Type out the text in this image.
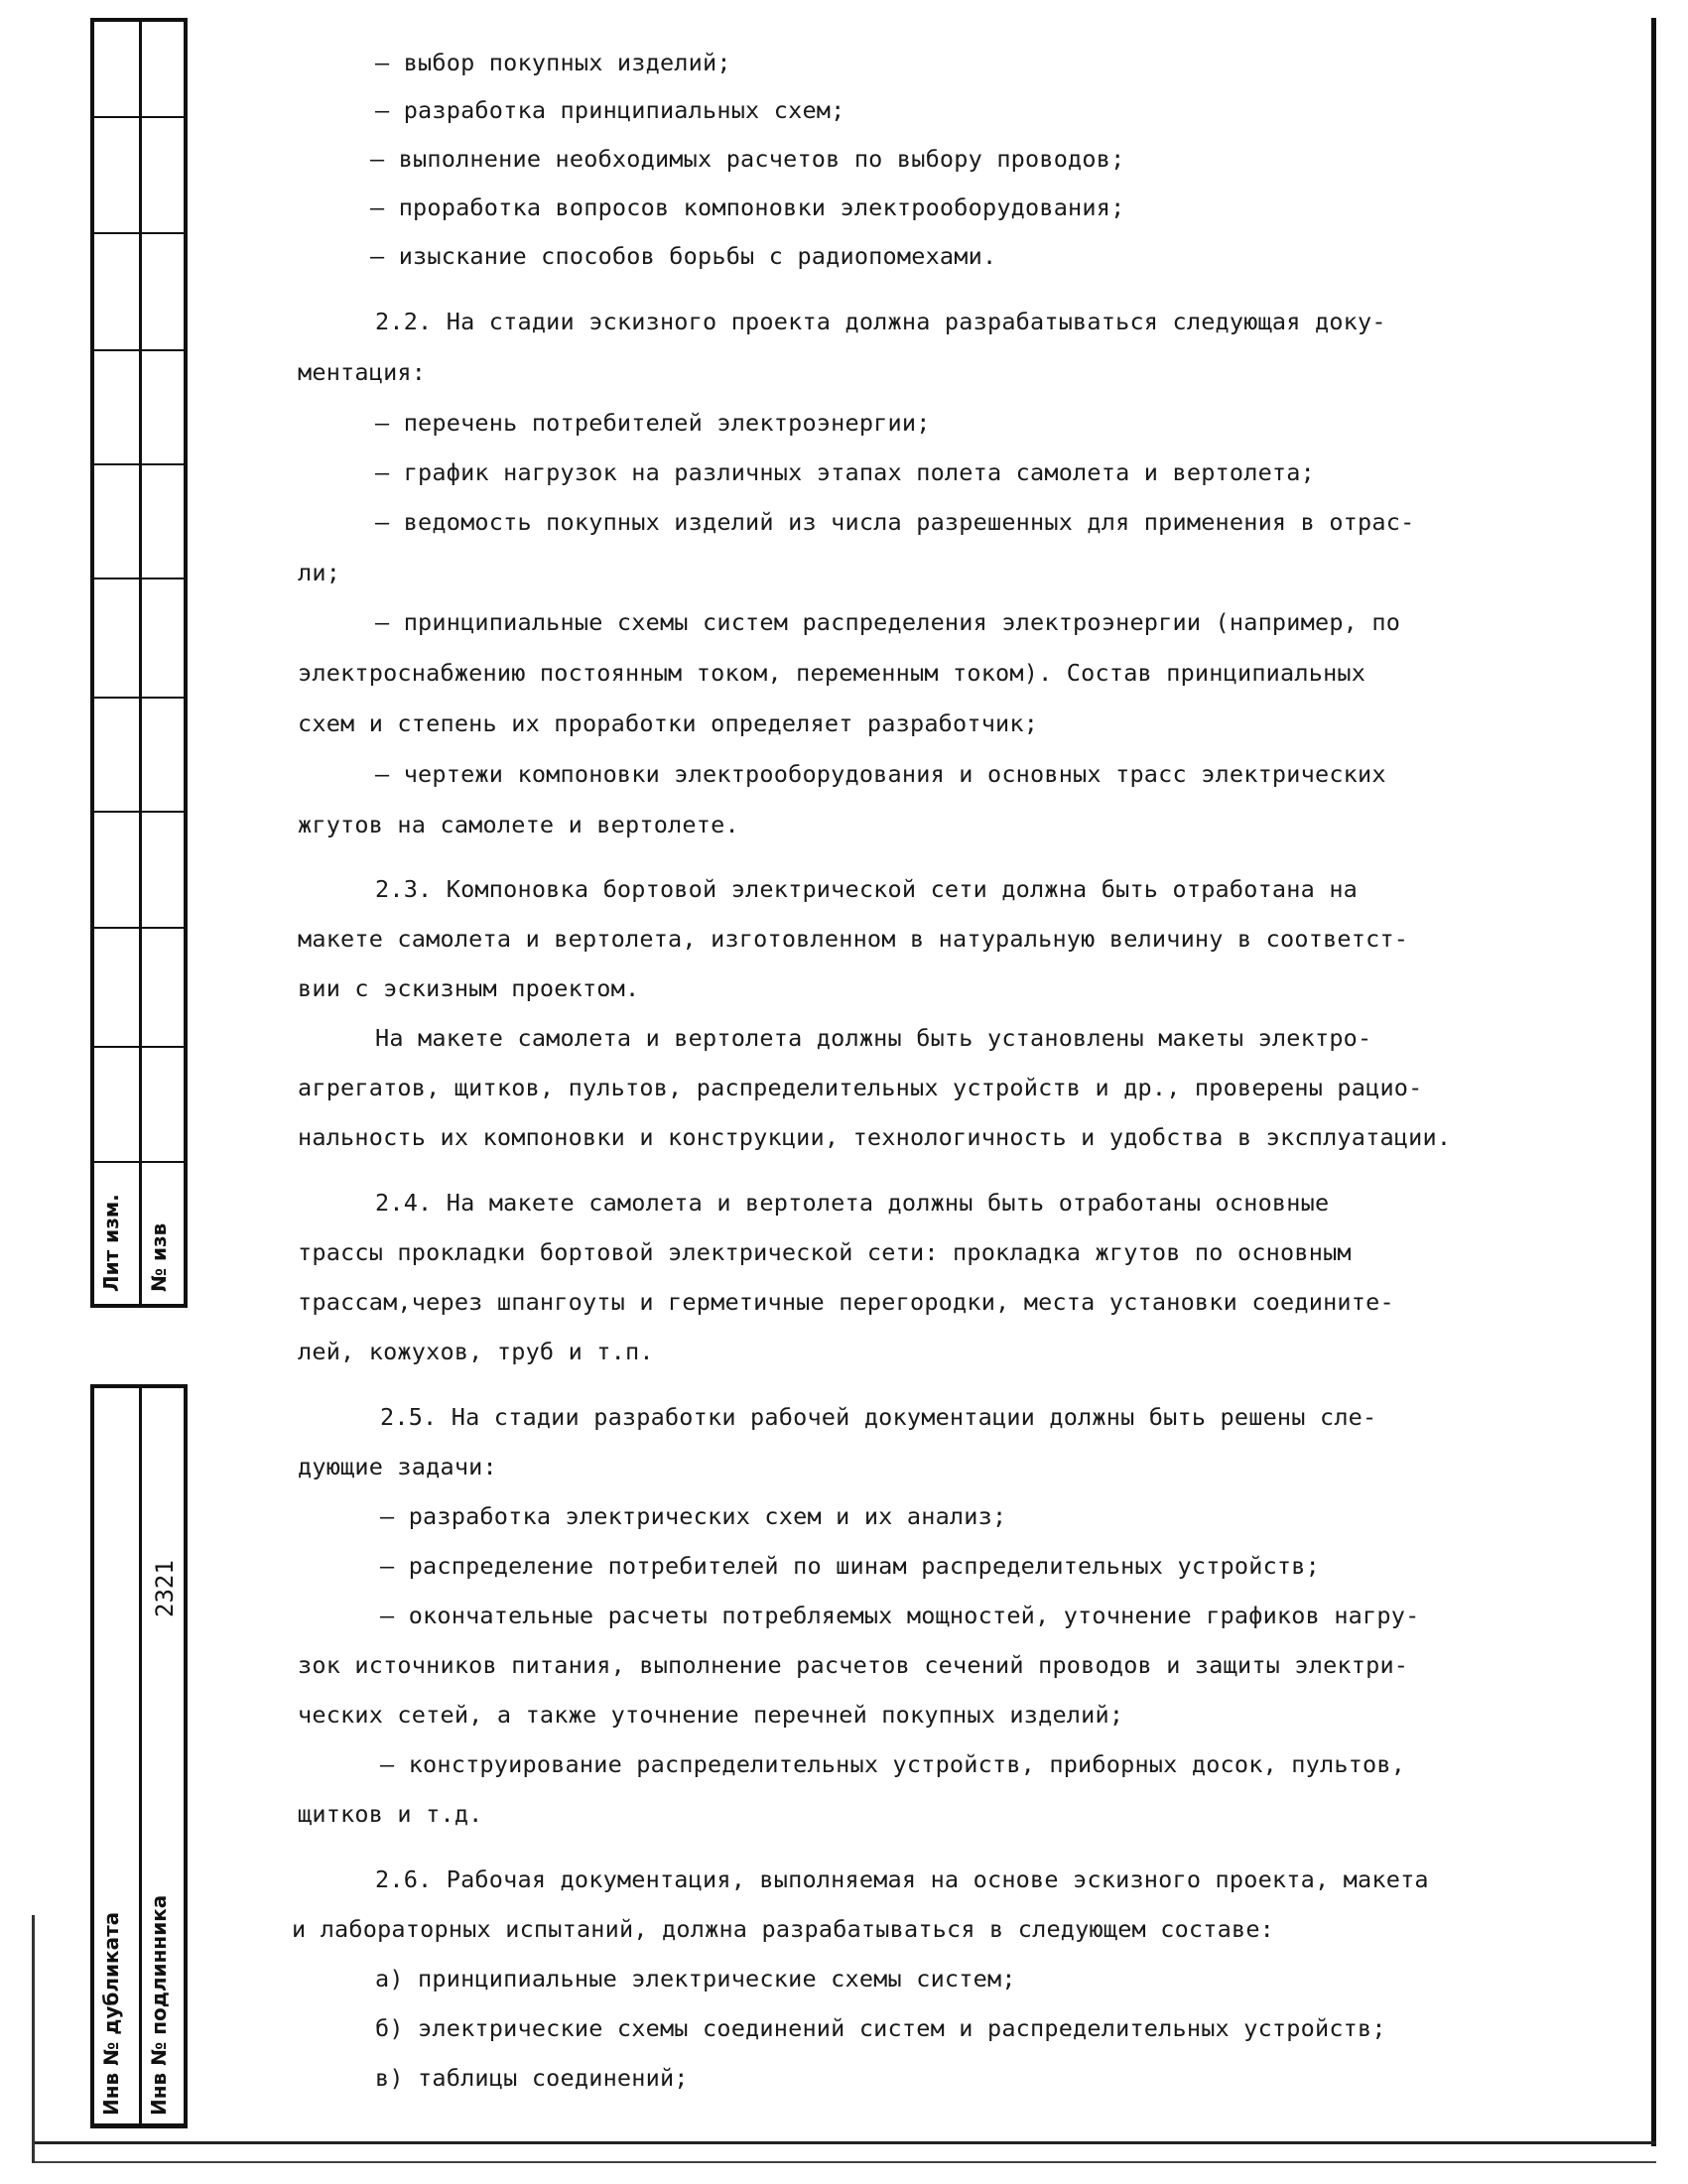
Лит изм. № изв
Инв № дубликата Инв № подлинника
2321
– выбор покупных изделий;
– разработка принципиальных схем;
– выполнение необходимых расчетов по выбору проводов;
– проработка вопросов компоновки электрооборудования;
– изыскание способов борьбы с радиопомехами.
2.2. На стадии эскизного проекта должна разрабатываться следующая доку-
ментация:
– перечень потребителей электроэнергии;
– график нагрузок на различных этапах полета самолета и вертолета;
– ведомость покупных изделий из числа разрешенных для применения в отрас-
ли;
– принципиальные схемы систем распределения электроэнергии (например, по
электроснабжению постоянным током, переменным током). Состав принципиальных
схем и степень их проработки определяет разработчик;
– чертежи компоновки электрооборудования и основных трасс электрических
жгутов на самолете и вертолете.
2.3. Компоновка бортовой электрической сети должна быть отработана на
макете самолета и вертолета, изготовленном в натуральную величину в соответст-
вии с эскизным проектом.
На макете самолета и вертолета должны быть установлены макеты электро-
агрегатов, щитков, пультов, распределительных устройств и др., проверены рацио-
нальность их компоновки и конструкции, технологичность и удобства в эксплуатации.
2.4. На макете самолета и вертолета должны быть отработаны основные
трассы прокладки бортовой электрической сети: прокладка жгутов по основным
трассам,через шпангоуты и герметичные перегородки, места установки соедините-
лей, кожухов, труб и т.п.
2.5. На стадии разработки рабочей документации должны быть решены сле-
дующие задачи:
– разработка электрических схем и их анализ;
– распределение потребителей по шинам распределительных устройств;
– окончательные расчеты потребляемых мощностей, уточнение графиков нагру-
зок источников питания, выполнение расчетов сечений проводов и защиты электри-
ческих сетей, а также уточнение перечней покупных изделий;
– конструирование распределительных устройств, приборных досок, пультов,
щитков и т.д.
2.6. Рабочая документация, выполняемая на основе эскизного проекта, макета
и лабораторных испытаний, должна разрабатываться в следующем составе:
а) принципиальные электрические схемы систем;
б) электрические схемы соединений систем и распределительных устройств;
в) таблицы соединений;
